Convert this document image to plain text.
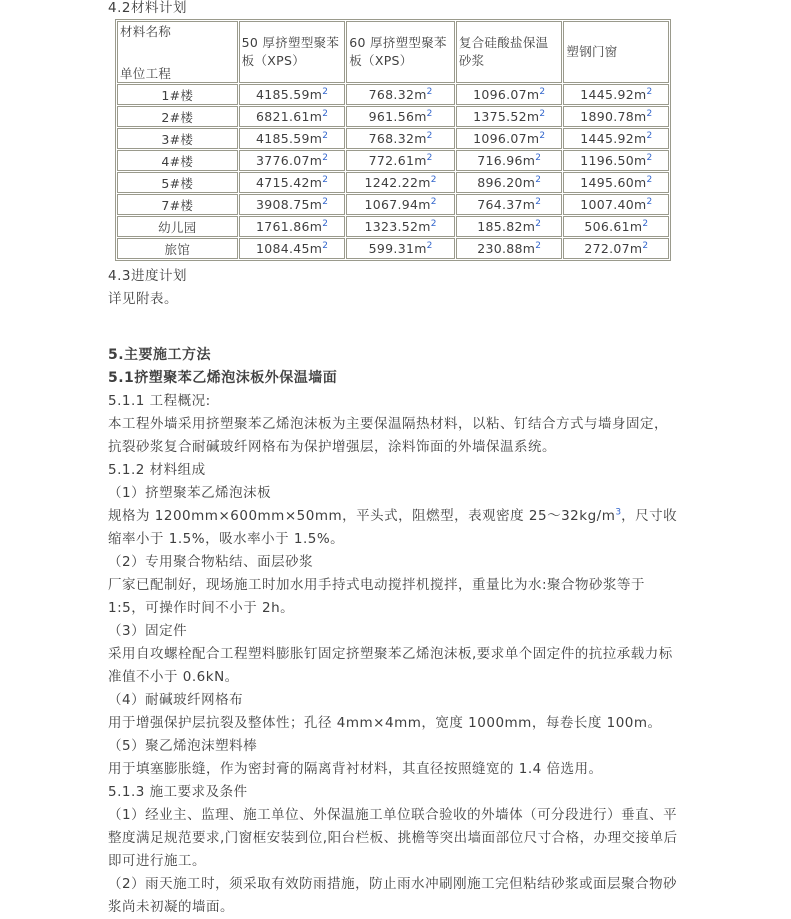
4.2材料计划

材料名称
单位工程	50 厚挤塑型聚苯板（XPS）	60 厚挤塑型聚苯板（XPS）	复合硅酸盐保温砂浆	塑钢门窗
1#楼	$4185.59m^2$	$768.32m^2$	$1096.07m^2$	$1445.92m^2$
2#楼	$6821.61m^2$	$961.56m^2$	$1375.52m^2$	$1890.78m^2$
3#楼	$4185.59m^2$	$768.32m^2$	$1096.07m^2$	$1445.92m^2$
4#楼	$3776.07m^2$	$772.61m^2$	$716.96m^2$	$1196.50m^2$
5#楼	$4715.42m^2$	$1242.22m^2$	$896.20m^2$	$1495.60m^2$
7#楼	$3908.75m^2$	$1067.94m^2$	$764.37m^2$	$1007.40m^2$
幼儿园	$1761.86m^2$	$1323.52m^2$	$185.82m^2$	$506.61m^2$
旅馆	$1084.45m^2$	$599.31m^2$	$230.88m^2$	$272.07m^2$

4.3进度计划

详见附表。

5.主要施工方法

5.1挤塑聚苯乙烯泡沫板外保温墙面

5.1.1 工程概况:

本工程外墙采用挤塑聚苯乙烯泡沫板为主要保温隔热材料，以粘、钉结合方式与墙身固定，抗裂砂浆复合耐碱玻纤网格布为保护增强层，涂料饰面的外墙保温系统。

5.1.2 材料组成

（1）挤塑聚苯乙烯泡沫板

规格为 1200mm×600mm×50mm，平头式，阻燃型，表观密度 $25\sim 32kg/m^3$，尺寸收缩率小于 1.5%，吸水率小于 1.5%。

（2）专用聚合物粘结、面层砂浆

厂家已配制好，现场施工时加水用手持式电动搅拌机搅拌，重量比为水:聚合物砂浆等于 1:5，可操作时间不小于 2h。

（3）固定件

采用自攻螺栓配合工程塑料膨胀钉固定挤塑聚苯乙烯泡沫板,要求单个固定件的抗拉承载力标准值不小于 0.6kN。

（4）耐碱玻纤网格布

用于增强保护层抗裂及整体性；孔径 4mm×4mm，宽度 1000mm，每卷长度 100m。

（5）聚乙烯泡沫塑料棒

用于填塞膨胀缝，作为密封膏的隔离背衬材料，其直径按照缝宽的 1.4 倍选用。

5.1.3 施工要求及条件

（1）经业主、监理、施工单位、外保温施工单位联合验收的外墙体（可分段进行）垂直、平整度满足规范要求,门窗框安装到位,阳台栏板、挑檐等突出墙面部位尺寸合格，办理交接单后即可进行施工。

（2）雨天施工时，须采取有效防雨措施，防止雨水冲刷刚施工完但粘结砂浆或面层聚合物砂浆尚未初凝的墙面。
